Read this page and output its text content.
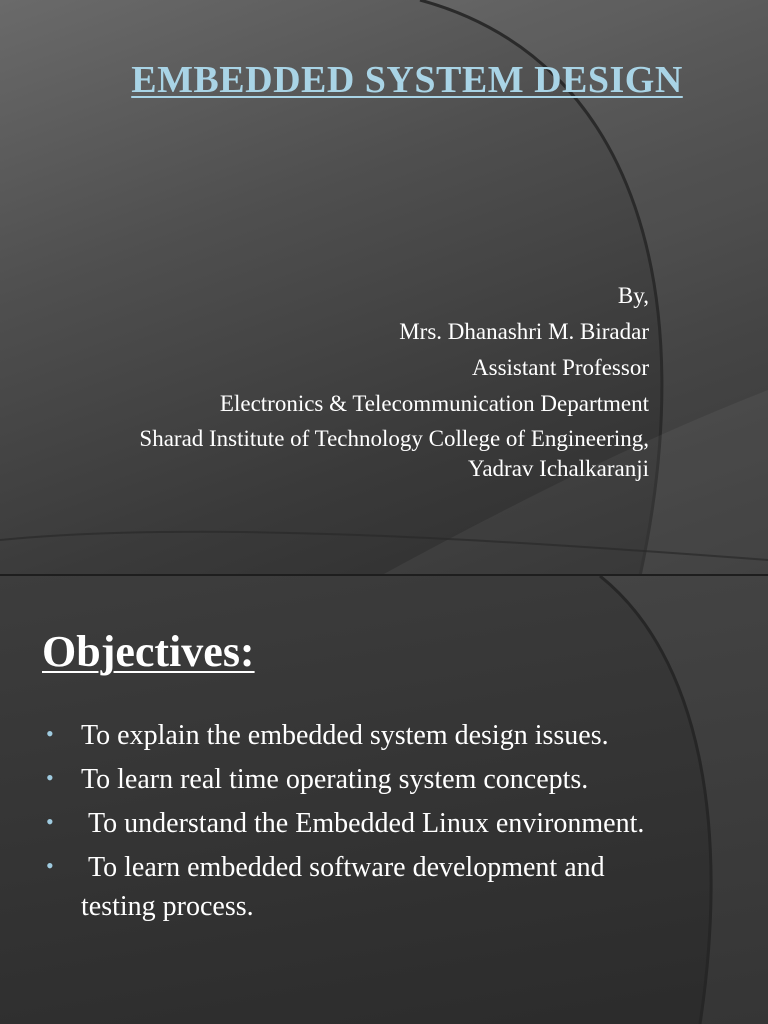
EMBEDDED SYSTEM DESIGN
By,
Mrs. Dhanashri M. Biradar
Assistant Professor
Electronics & Telecommunication Department
Sharad Institute of Technology College of Engineering, Yadrav Ichalkaranji
Objectives:
• To explain the embedded system design issues.
• To learn real time operating system concepts.
• To understand the Embedded Linux environment.
• To learn embedded software development and testing process.
